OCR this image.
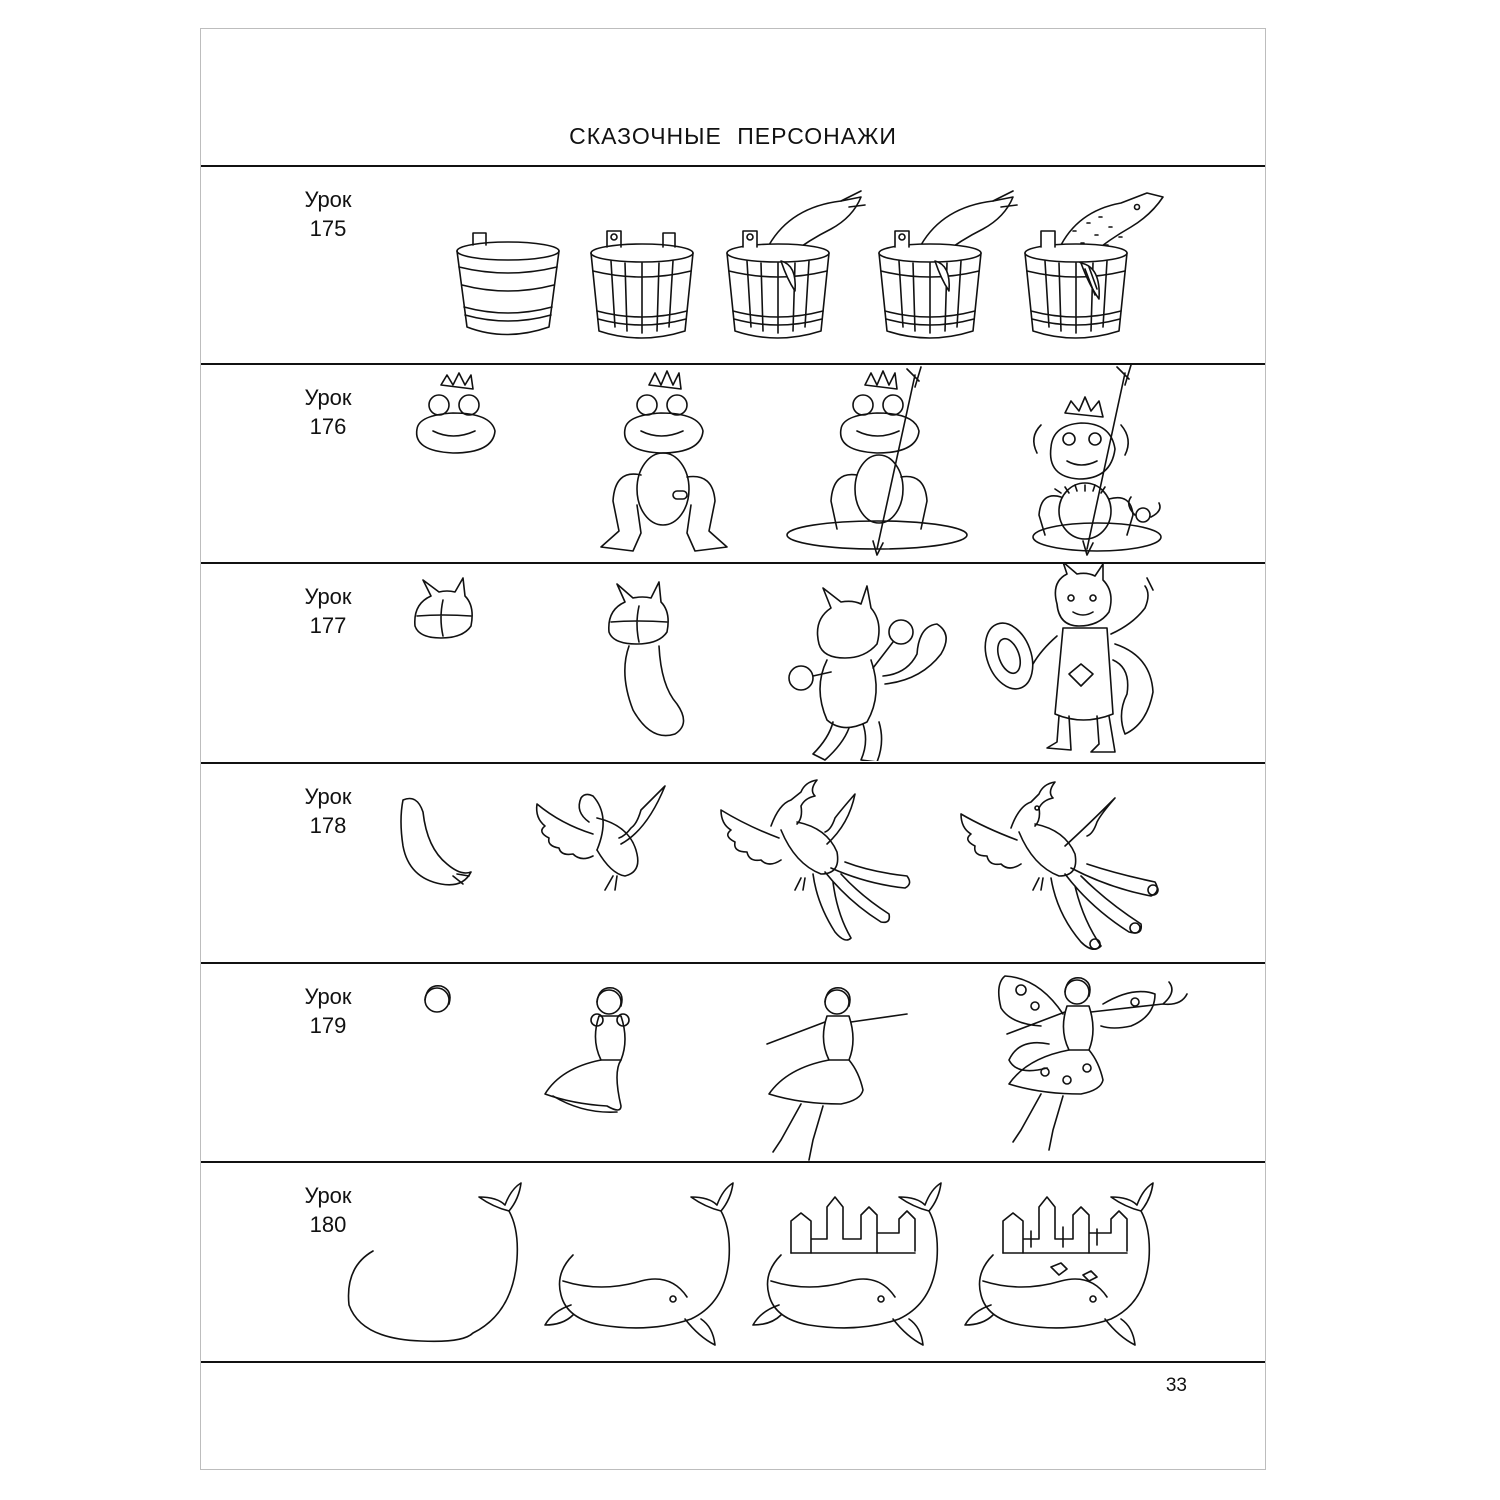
СКАЗОЧНЫЕ ПЕРСОНАЖИ
Урок
175
Урок
176
Урок
177
Урок
178
Урок
179
Урок
180
33
